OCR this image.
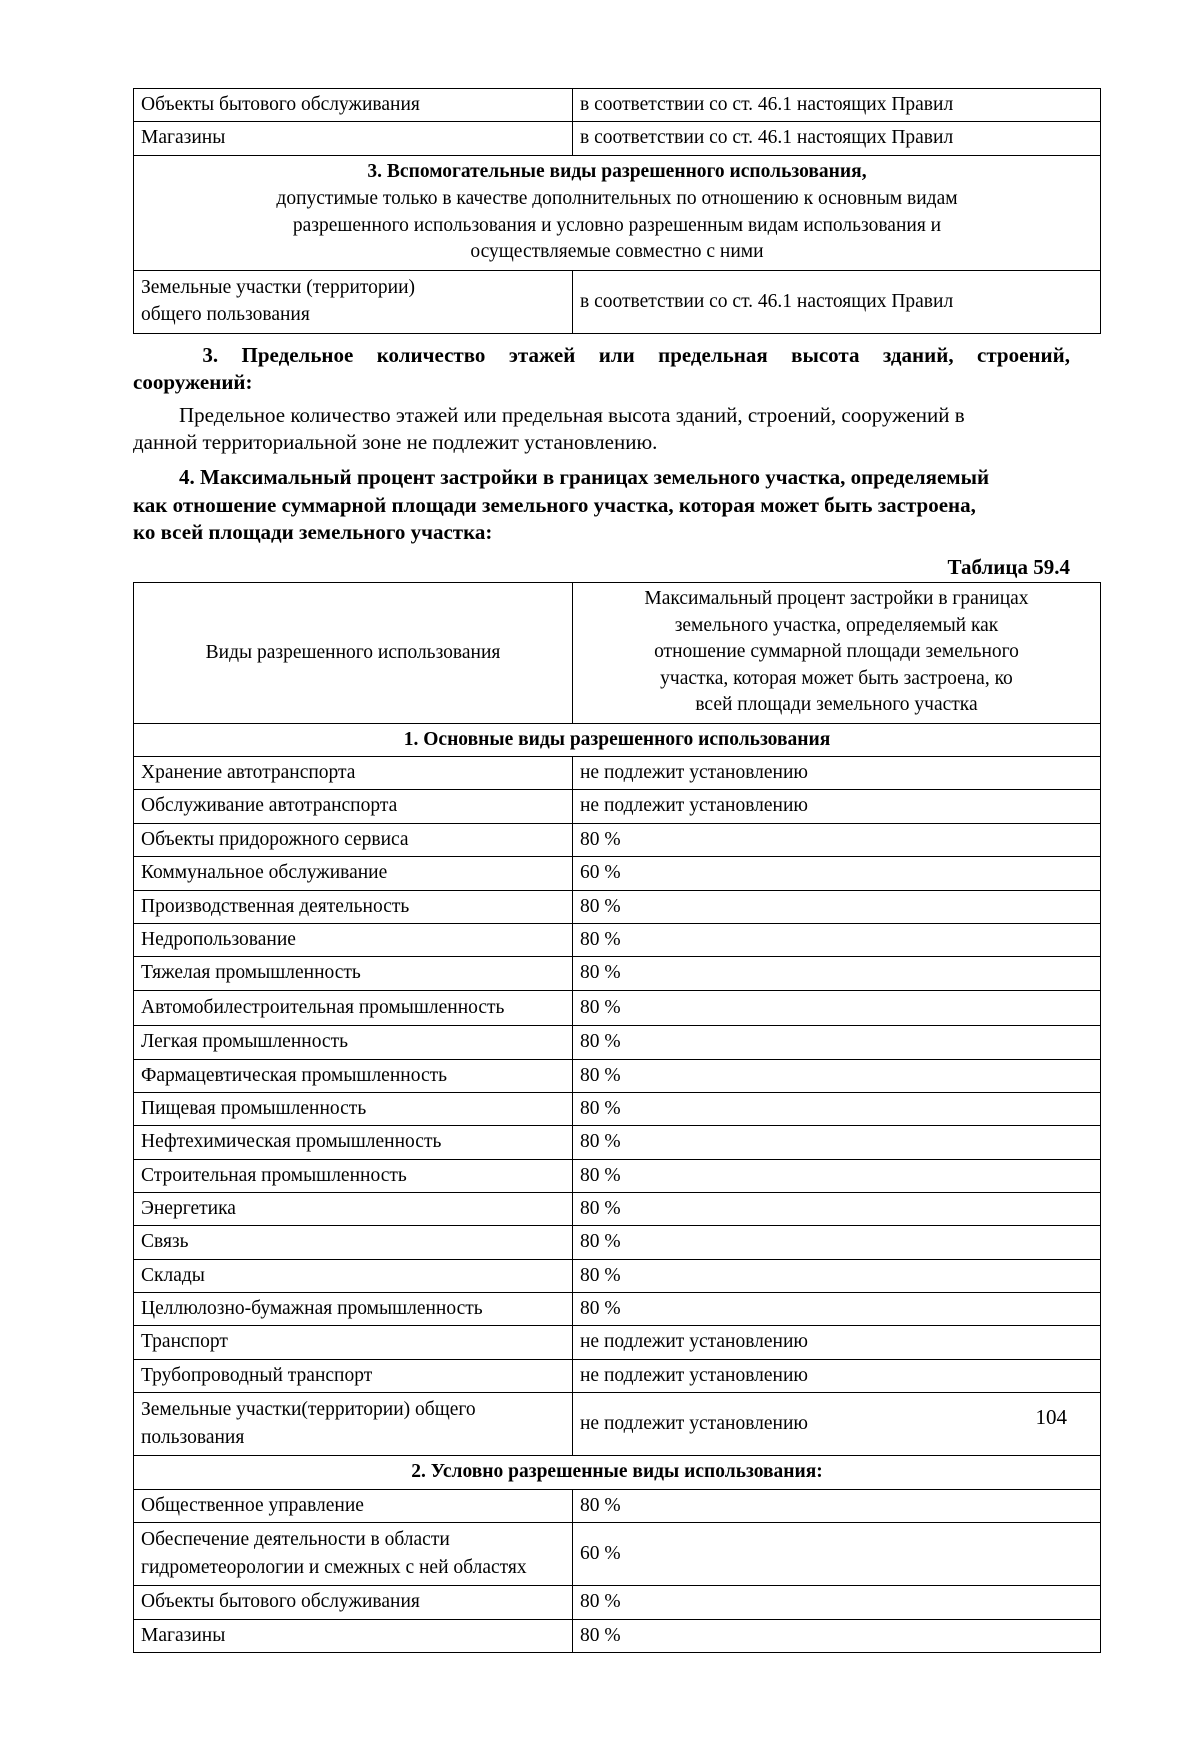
Объекты бытового обслуживания	в соответствии со ст. 46.1 настоящих Правил
Магазины	в соответствии со ст. 46.1 настоящих Правил

3. Вспомогательные виды разрешенного использования,
допустимые только в качестве дополнительных по отношению к основным видам
разрешенного использования и условно разрешенным видам использования и
осуществляемые совместно с ними	

Земельные участки (территории)
общего пользования	в соответствии со ст. 46.1 настоящих Правил
3. Предельное количество этажей или предельная высота зданий, строений,
сооружений:
Предельное количество этажей или предельная высота зданий, строений, сооружений в
данной территориальной зоне не подлежит установлению.
4. Максимальный процент застройки в границах земельного участка, определяемый
как отношение суммарной площади земельного участка, которая может быть застроена,
ко всей площади земельного участка:
Таблица 59.4
Виды разрешенного использования	Максимальный процент застройки в границах
земельного участка, определяемый как
отношение суммарной площади земельного
участка, которая может быть застроена, ко
всей площади земельного участка

1. Основные виды разрешенного использования	
Хранение автотранспорта	не подлежит установлению
Обслуживание автотранспорта	не подлежит установлению
Объекты придорожного сервиса	80 %
Коммунальное обслуживание	60 %
Производственная деятельность	80 %
Недропользование	80 %
Тяжелая промышленность	80 %
Автомобилестроительная промышленность	80 %
Легкая промышленность	80 %
Фармацевтическая промышленность	80 %
Пищевая промышленность	80 %
Нефтехимическая промышленность	80 %
Строительная промышленность	80 %
Энергетика	80 %
Связь	80 %
Склады	80 %
Целлюлозно-бумажная промышленность	80 %
Транспорт	не подлежит установлению
Трубопроводный транспорт	не подлежит установлению
Земельные участки(территории) общего пользования	не подлежит установлению
2. Условно разрешенные виды использования:	
Общественное управление	80 %
Обеспечение деятельности в области гидрометеорологии и смежных с ней областях	60 %
Объекты бытового обслуживания	80 %
Магазины	80 %
104
